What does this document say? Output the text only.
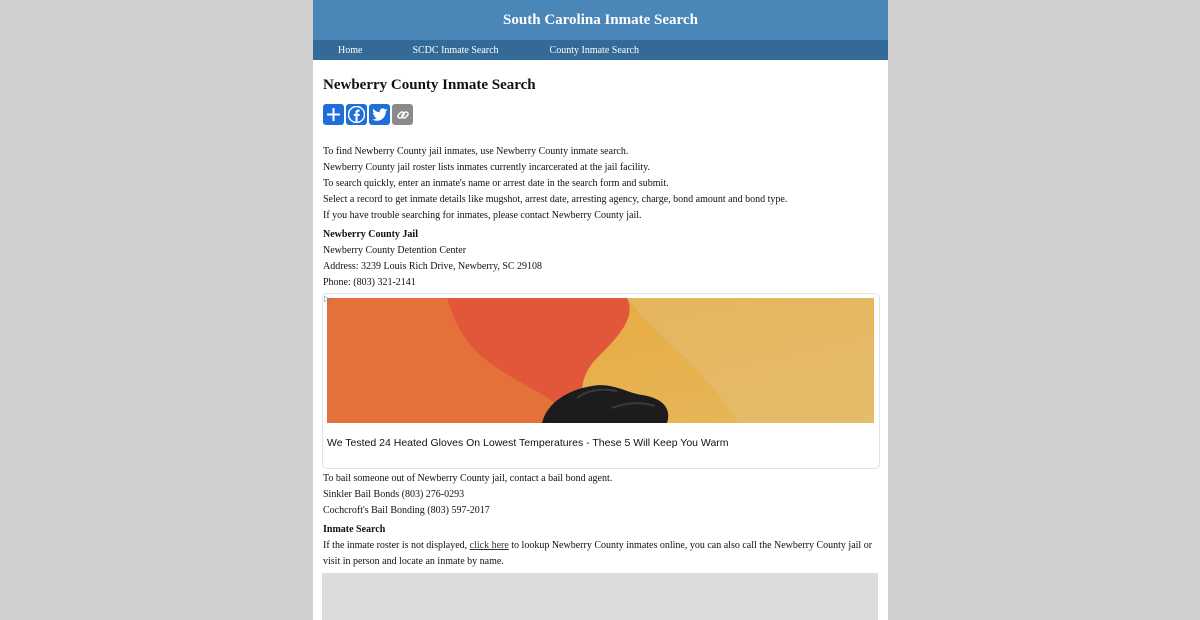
South Carolina Inmate Search
Home	SCDC Inmate Search	County Inmate Search
Newberry County Inmate Search

To find Newberry County jail inmates, use Newberry County inmate search.

Newberry County jail roster lists inmates currently incarcerated at the jail facility.

To search quickly, enter an inmate's name or arrest date in the search form and submit.

Select a record to get inmate details like mugshot, arrest date, arresting agency, charge, bond amount and bond type.

If you have trouble searching for inmates, please contact Newberry County jail.

Newberry County Jail

Newberry County Detention Center

Address: 3239 Louis Rich Drive, Newberry, SC 29108

Phone: (803) 321-2141

▷
We Tested 24 Heated Gloves On Lowest Temperatures - These 5 Will Keep You Warm

To bail someone out of Newberry County jail, contact a bail bond agent.

Sinkler Bail Bonds (803) 276-0293

Cochcroft's Bail Bonding (803) 597-2017

Inmate Search

If the inmate roster is not displayed, click here to lookup Newberry County inmates online, you can also call the Newberry County jail or visit in person and locate an inmate by name.
